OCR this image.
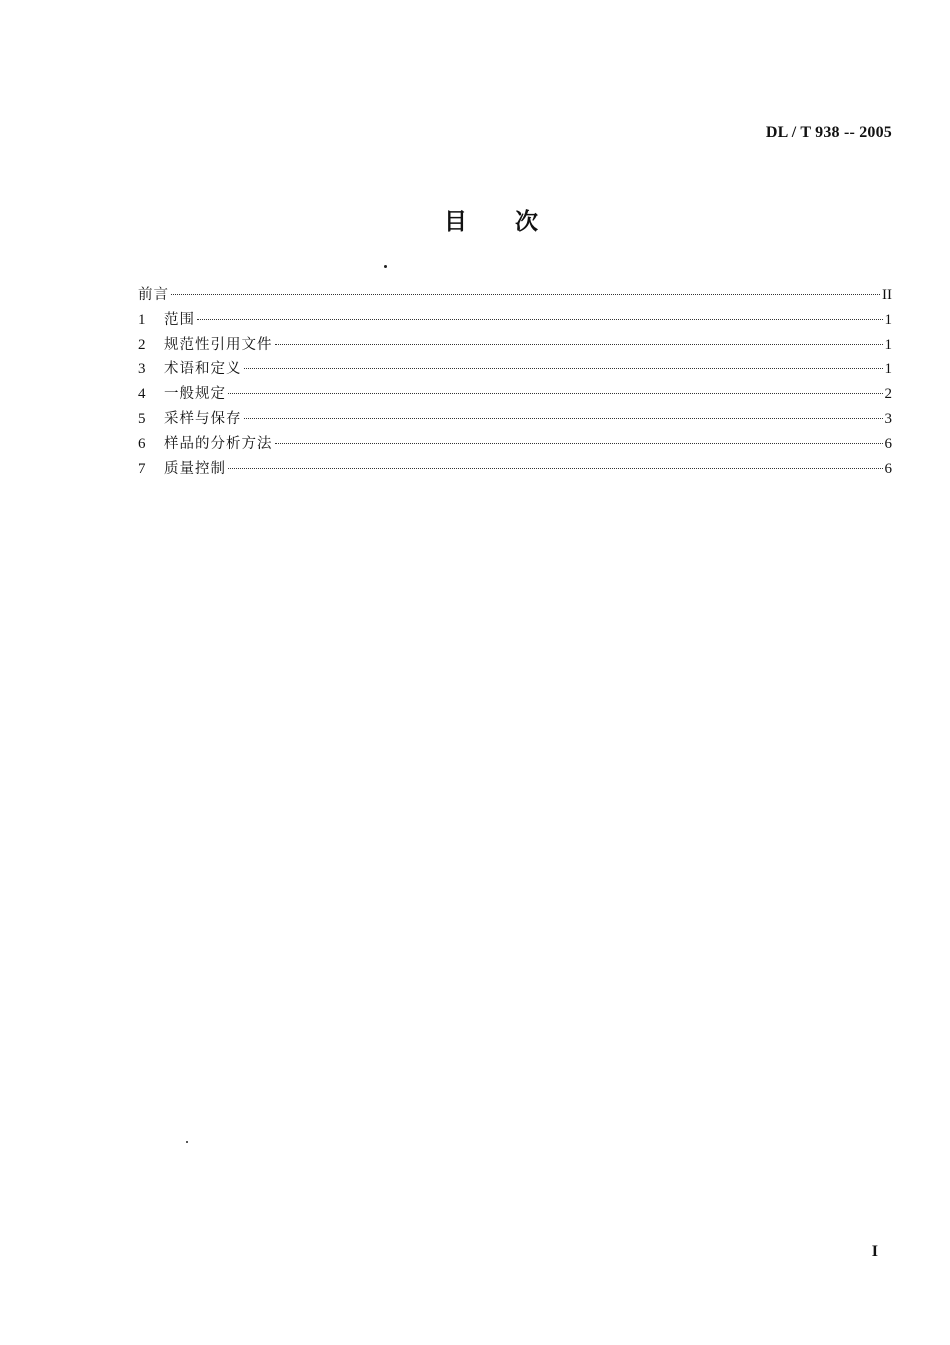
DL / T 938 -- 2005
目次
前言	II
1	范围	1
2	规范性引用文件	1
3	术语和定义	1
4	一般规定	2
5	采样与保存	3
6	样品的分析方法	6
7	质量控制	6
I
